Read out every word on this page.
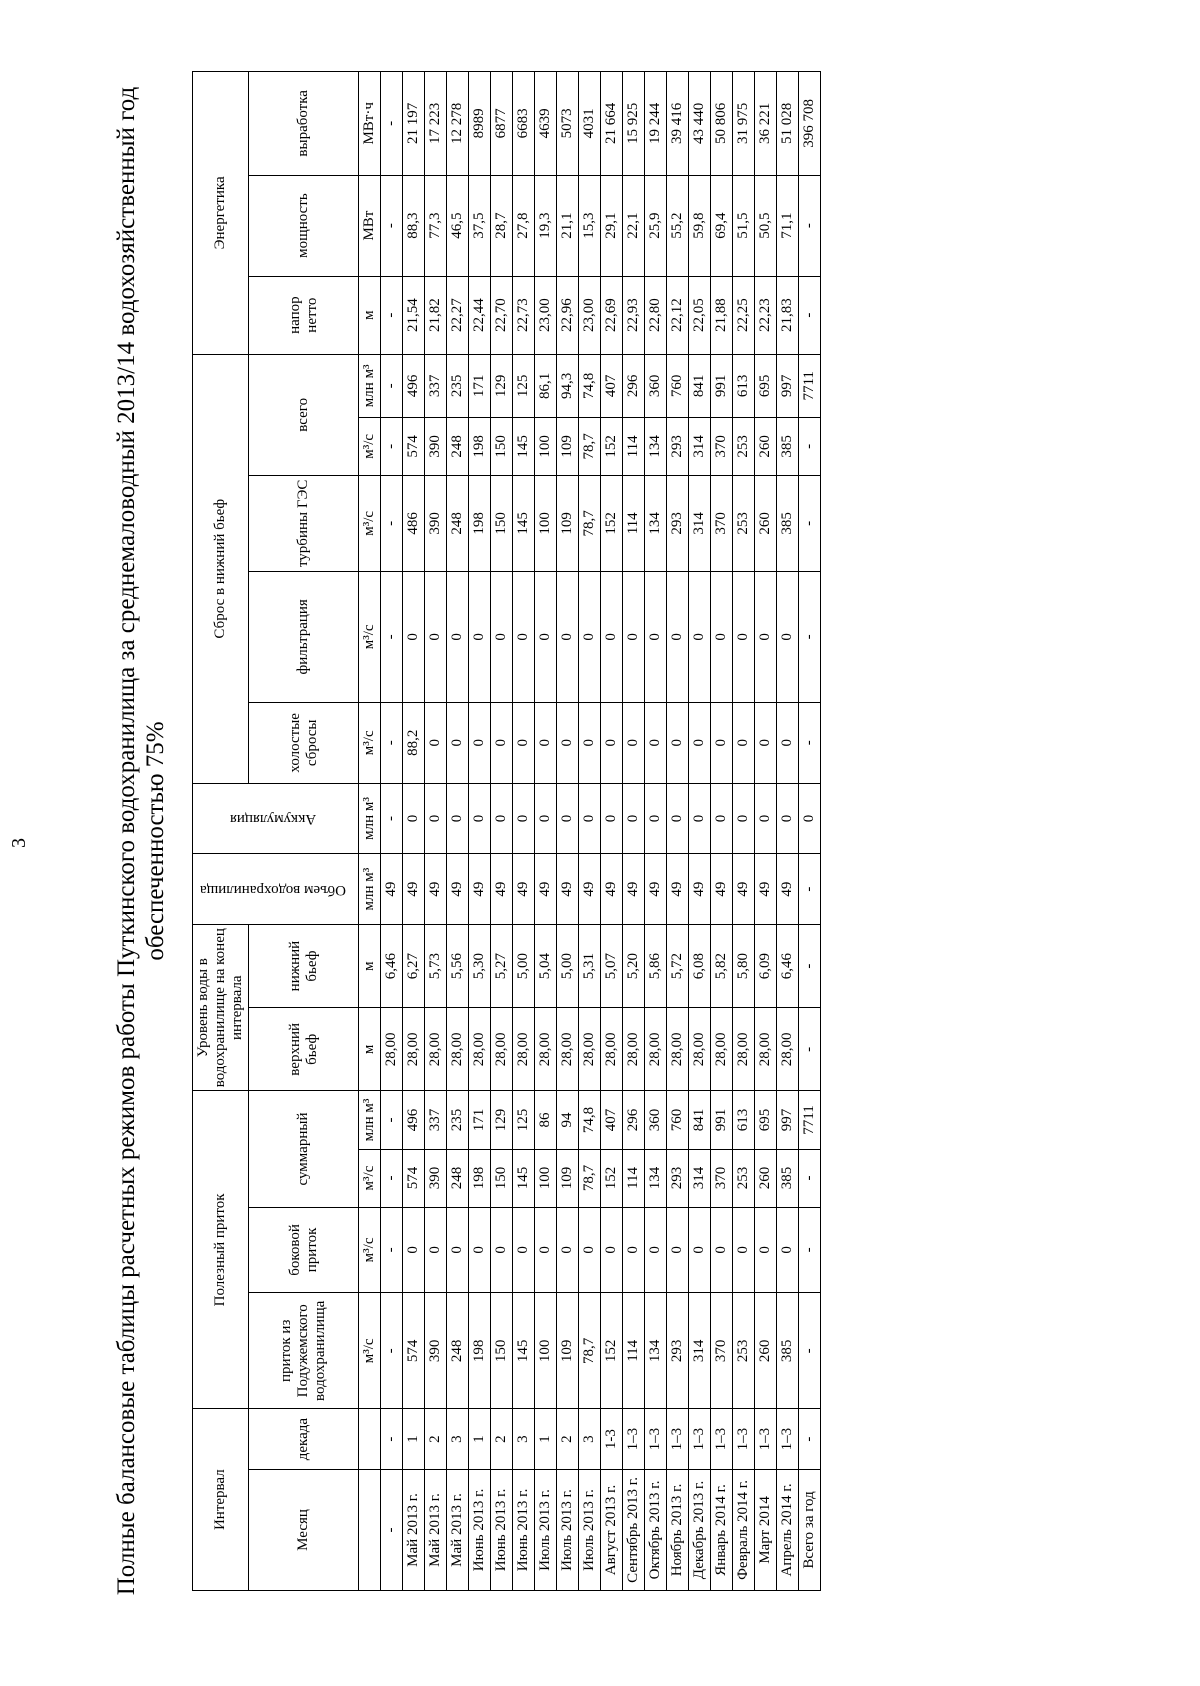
3	Полные балансовые таблицы расчетных режимов работы Путкинского водохранилища за среднемаловодный 2013/14 водохозяйственный год обеспеченностью 75%
Интервал		Полезный приток				Уровень воды в водохранилище на конец интервала		Объем водохранилища	Аккумуляция	Сброс в нижний бьеф					Энергетика		
Месяц	декада	приток из Подужемского водохранилища	боковой приток	суммарный		верхний бьеф	нижний бьеф			холостые сбросы	фильтрация	турбины ГЭС	всего		напор нетто	мощность	выработка
		м³/с	м³/с	м³/с	млн м³	м	м	млн м³	млн м³	м³/с	м³/с	м³/с	м³/с	млн м³	м	МВт	МВт·ч
-	-	-	-	-	-	28,00	6,46	49	-	-	-	-	-	-	-	-	-
Май 2013 г.	1	574	0	574	496	28,00	6,27	49	0	88,2	0	486	574	496	21,54	88,3	21 197
Май 2013 г.	2	390	0	390	337	28,00	5,73	49	0	0	0	390	390	337	21,82	77,3	17 223
Май 2013 г.	3	248	0	248	235	28,00	5,56	49	0	0	0	248	248	235	22,27	46,5	12 278
Июнь 2013 г.	1	198	0	198	171	28,00	5,30	49	0	0	0	198	198	171	22,44	37,5	8989
Июнь 2013 г.	2	150	0	150	129	28,00	5,27	49	0	0	0	150	150	129	22,70	28,7	6877
Июнь 2013 г.	3	145	0	145	125	28,00	5,00	49	0	0	0	145	145	125	22,73	27,8	6683
Июль 2013 г.	1	100	0	100	86	28,00	5,04	49	0	0	0	100	100	86,1	23,00	19,3	4639
Июль 2013 г.	2	109	0	109	94	28,00	5,00	49	0	0	0	109	109	94,3	22,96	21,1	5073
Июль 2013 г.	3	78,7	0	78,7	74,8	28,00	5,31	49	0	0	0	78,7	78,7	74,8	23,00	15,3	4031
Август 2013 г.	1-3	152	0	152	407	28,00	5,07	49	0	0	0	152	152	407	22,69	29,1	21 664
Сентябрь 2013 г.	1–3	114	0	114	296	28,00	5,20	49	0	0	0	114	114	296	22,93	22,1	15 925
Октябрь 2013 г.	1–3	134	0	134	360	28,00	5,86	49	0	0	0	134	134	360	22,80	25,9	19 244
Ноябрь 2013 г.	1–3	293	0	293	760	28,00	5,72	49	0	0	0	293	293	760	22,12	55,2	39 416
Декабрь 2013 г.	1–3	314	0	314	841	28,00	6,08	49	0	0	0	314	314	841	22,05	59,8	43 440
Январь 2014 г.	1–3	370	0	370	991	28,00	5,82	49	0	0	0	370	370	991	21,88	69,4	50 806
Февраль 2014 г.	1–3	253	0	253	613	28,00	5,80	49	0	0	0	253	253	613	22,25	51,5	31 975
Март 2014	1–3	260	0	260	695	28,00	6,09	49	0	0	0	260	260	695	22,23	50,5	36 221
Апрель 2014 г.	1–3	385	0	385	997	28,00	6,46	49	0	0	0	385	385	997	21,83	71,1	51 028
Всего за год	-	-	-	-	7711	-	-	-	0	-	-	-	-	7711	-	-	396 708
